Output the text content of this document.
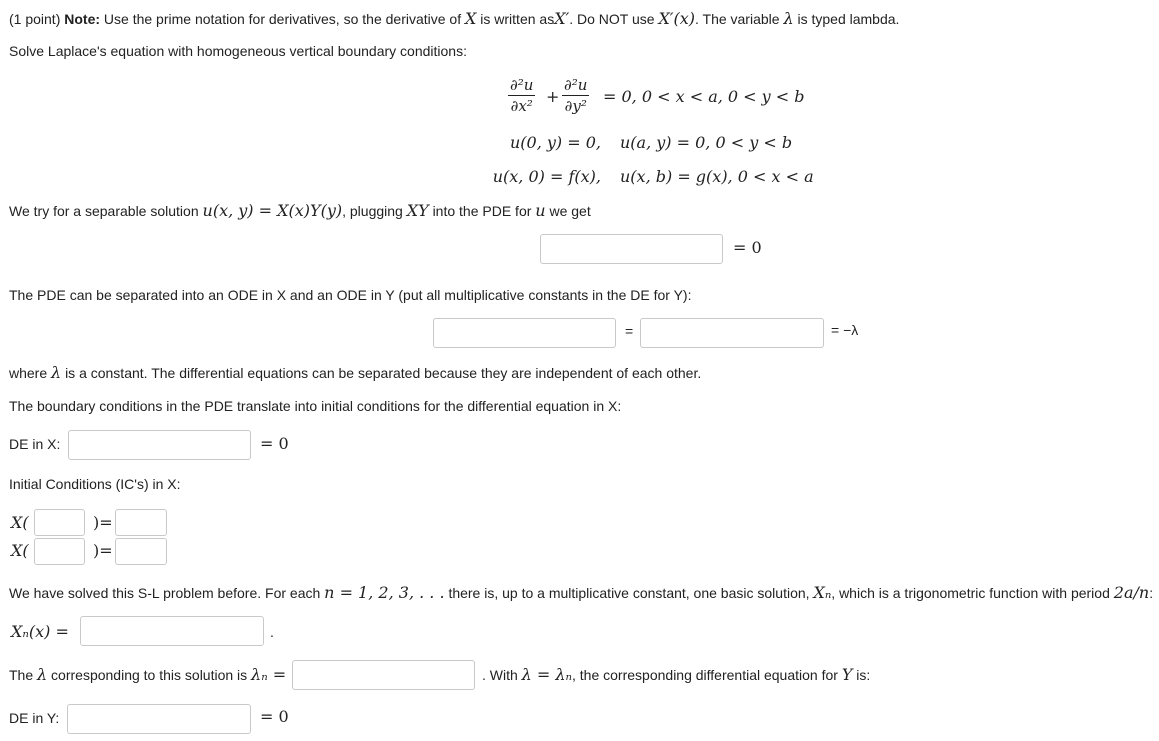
(1 point) Note: Use the prime notation for derivatives, so the derivative of X is written asX′. Do NOT use X′(x). The variable λ is typed lambda.
Solve Laplace's equation with homogeneous vertical boundary conditions:
$\frac{\text{∂²u}}{\text{∂x²}} + \frac{\text{∂²u}}{\text{∂y²}} = 0$, 0 < x < a, 0 < y < b
u(0, y) = 0, u(a, y) = 0, 0 < y < b
u(x, 0) = f(x), u(x, b) = g(x), 0 < x < a
We try for a separable solution u(x, y) = X(x)Y(y), plugging XY into the PDE for u we get
= 0
The PDE can be separated into an ODE in X and an ODE in Y (put all multiplicative constants in the DE for Y):
=	= −λ
where λ is a constant. The differential equations can be separated because they are independent of each other.
The boundary conditions in the PDE translate into initial conditions for the differential equation in X:
DE in X:	= 0
Initial Conditions (IC's) in X:
X(	)=
X(	)=
We have solved this S-L problem before. For each n = 1, 2, 3, . . . there is, up to a multiplicative constant, one basic solution, Xₙ, which is a trigonometric function with period 2a/n:
Xₙ(x) =	.
The λ corresponding to this solution is λₙ =	. With λ = λₙ, the corresponding differential equation for Y is:
DE in Y:	= 0
